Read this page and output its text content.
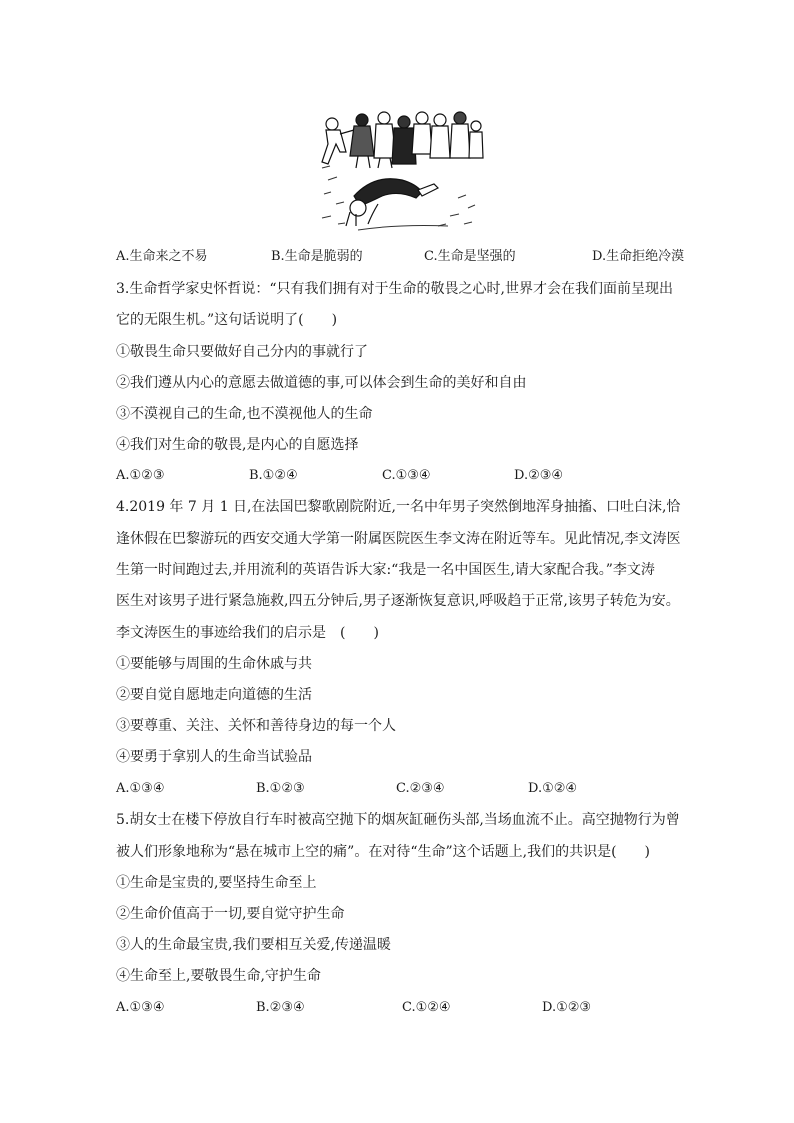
A.生命来之不易	B.生命是脆弱的	C.生命是坚强的	D.生命拒绝冷漠
3.生命哲学家史怀哲说：“只有我们拥有对于生命的敬畏之心时,世界才会在我们面前呈现出
它的无限生机。”这句话说明了(　　)
①敬畏生命只要做好自己分内的事就行了
②我们遵从内心的意愿去做道德的事,可以体会到生命的美好和自由
③不漠视自己的生命,也不漠视他人的生命
④我们对生命的敬畏,是内心的自愿选择
A.①②③	B.①②④	C.①③④	D.②③④
4.2019 年 7 月 1 日,在法国巴黎歌剧院附近,一名中年男子突然倒地浑身抽搐、口吐白沫,恰
逢休假在巴黎游玩的西安交通大学第一附属医院医生李文涛在附近等车。见此情况,李文涛医
生第一时间跑过去,并用流利的英语告诉大家:“我是一名中国医生,请大家配合我。”李文涛
医生对该男子进行紧急施救,四五分钟后,男子逐渐恢复意识,呼吸趋于正常,该男子转危为安。
李文涛医生的事迹给我们的启示是　(　　)
①要能够与周围的生命休戚与共
②要自觉自愿地走向道德的生活
③要尊重、关注、关怀和善待身边的每一个人
④要勇于拿别人的生命当试验品
A.①③④	B.①②③	C.②③④	D.①②④
5.胡女士在楼下停放自行车时被高空抛下的烟灰缸砸伤头部,当场血流不止。高空抛物行为曾
被人们形象地称为“悬在城市上空的痛”。在对待“生命”这个话题上,我们的共识是(　　)
①生命是宝贵的,要坚持生命至上
②生命价值高于一切,要自觉守护生命
③人的生命最宝贵,我们要相互关爱,传递温暖
④生命至上,要敬畏生命,守护生命
A.①③④	B.②③④	C.①②④	D.①②③
